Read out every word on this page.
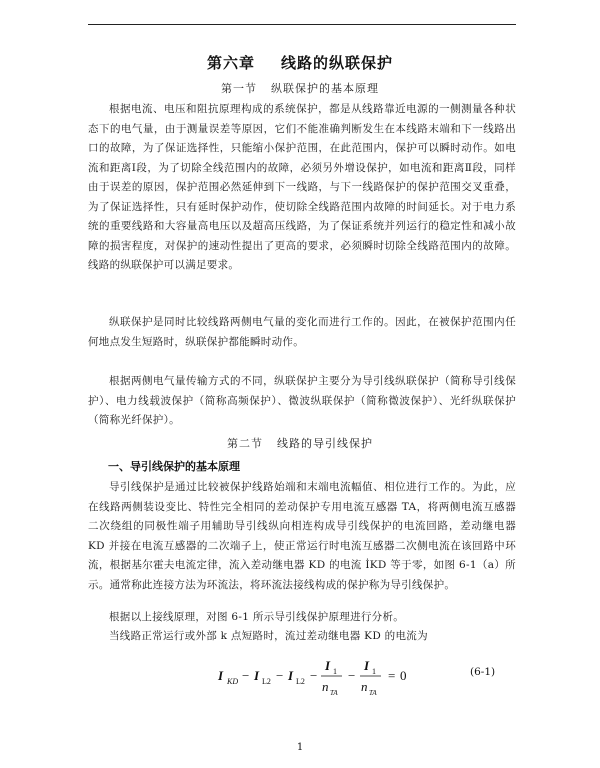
第六章 线路的纵联保护
第一节 纵联保护的基本原理

根据电流、电压和阻抗原理构成的系统保护，都是从线路靠近电源的一侧测量各种状态下的电气量，由于测量误差等原因，它们不能准确判断发生在本线路末端和下一线路出口的故障，为了保证选择性，只能缩小保护范围，在此范围内，保护可以瞬时动作。如电流和距离Ⅰ段，为了切除全线范围内的故障，必须另外增设保护，如电流和距离Ⅱ段，同样由于误差的原因，保护范围必然延伸到下一线路，与下一线路保护的保护范围交叉重叠，为了保证选择性，只有延时保护动作，使切除全线路范围内故障的时间延长。对于电力系统的重要线路和大容量高电压以及超高压线路，为了保证系统并列运行的稳定性和减小故障的损害程度，对保护的速动性提出了更高的要求，必须瞬时切除全线路范围内的故障。线路的纵联保护可以满足要求。

纵联保护是同时比较线路两侧电气量的变化而进行工作的。因此，在被保护范围内任何地点发生短路时，纵联保护都能瞬时动作。

根据两侧电气量传输方式的不同，纵联保护主要分为导引线纵联保护（简称导引线保护）、电力线载波保护（简称高频保护）、微波纵联保护（简称微波保护）、光纤纵联保护（简称光纤保护）。

第二节 线路的导引线保护

一、导引线保护的基本原理

导引线保护是通过比较被保护线路始端和末端电流幅值、相位进行工作的。为此，应在线路两侧装设变比、特性完全相同的差动保护专用电流互感器 TA，将两侧电流互感器二次绕组的同极性端子用辅助导引线纵向相连构成导引线保护的电流回路，差动继电器 KD 并接在电流互感器的二次端子上，使正常运行时电流互感器二次侧电流在该回路中环流，根据基尔霍夫电流定律，流入差动继电器 KD 的电流 İKD 等于零，如图 6-1（a）所示。通常称此连接方法为环流法，将环流法接线构成的保护称为导引线保护。

根据以上接线原理，对图 6-1 所示导引线保护原理进行分析。

当线路正常运行或外部 k 点短路时，流过差动继电器 KD 的电流为

I KD − I L2 − I L2 −
I 1
n TA
−
I 1
n TA
= 0	(6-1)
1
